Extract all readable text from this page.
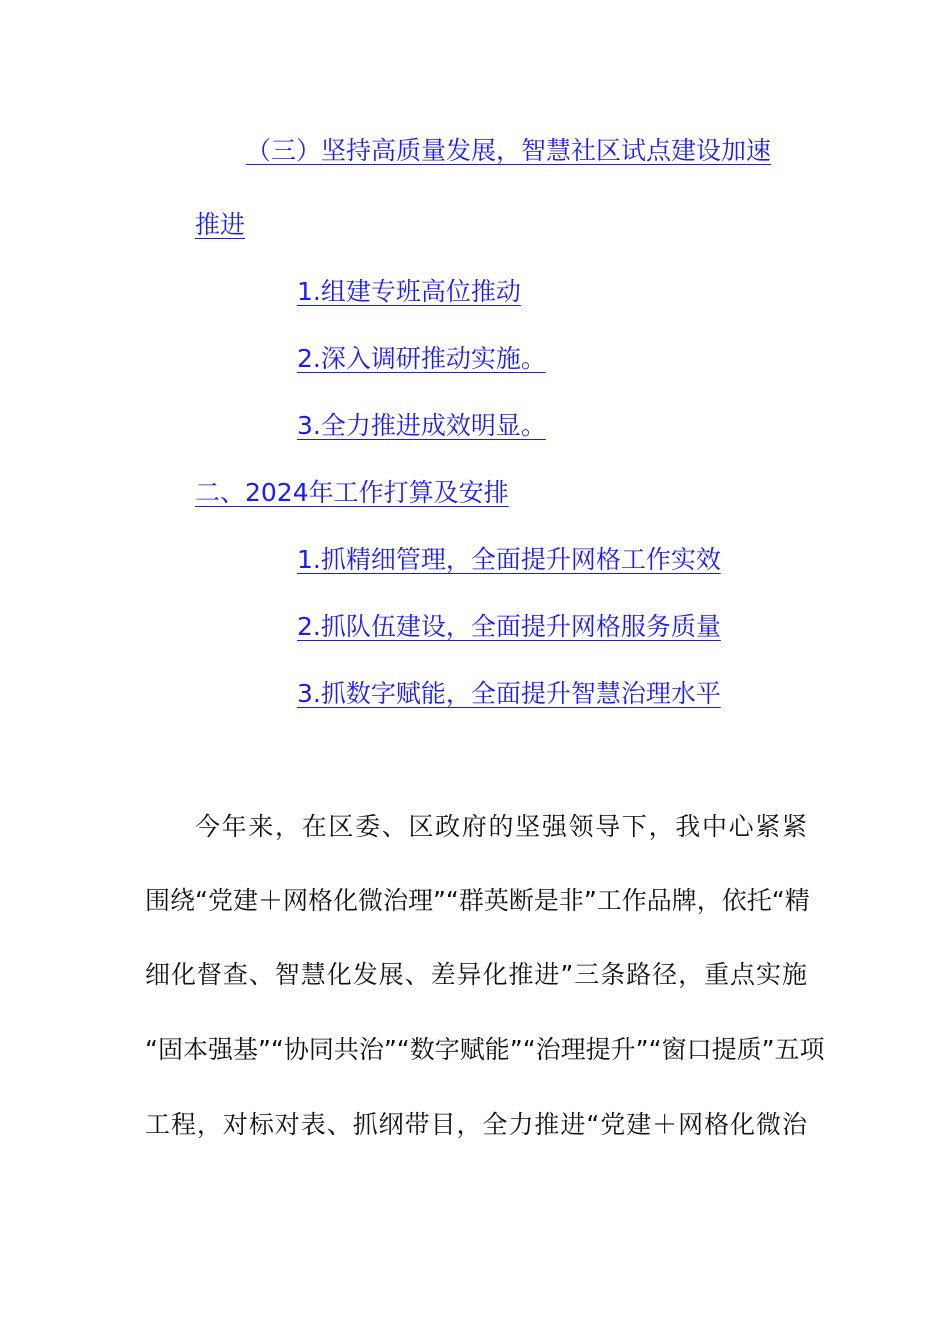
（三）坚持高质量发展，智慧社区试点建设加速
推进
1.组建专班高位推动
2.深入调研推动实施。
3.全力推进成效明显。
二、2024年工作打算及安排
1.抓精细管理，全面提升网格工作实效
2.抓队伍建设，全面提升网格服务质量
3.抓数字赋能，全面提升智慧治理水平
今年来，在区委、区政府的坚强领导下，我中心紧紧
围绕“党建＋网格化微治理”“群英断是非”工作品牌，依托“精
细化督查、智慧化发展、差异化推进”三条路径，重点实施
“固本强基”“协同共治”“数字赋能”“治理提升”“窗口提质”五项
工程，对标对表、抓纲带目，全力推进“党建＋网格化微治
